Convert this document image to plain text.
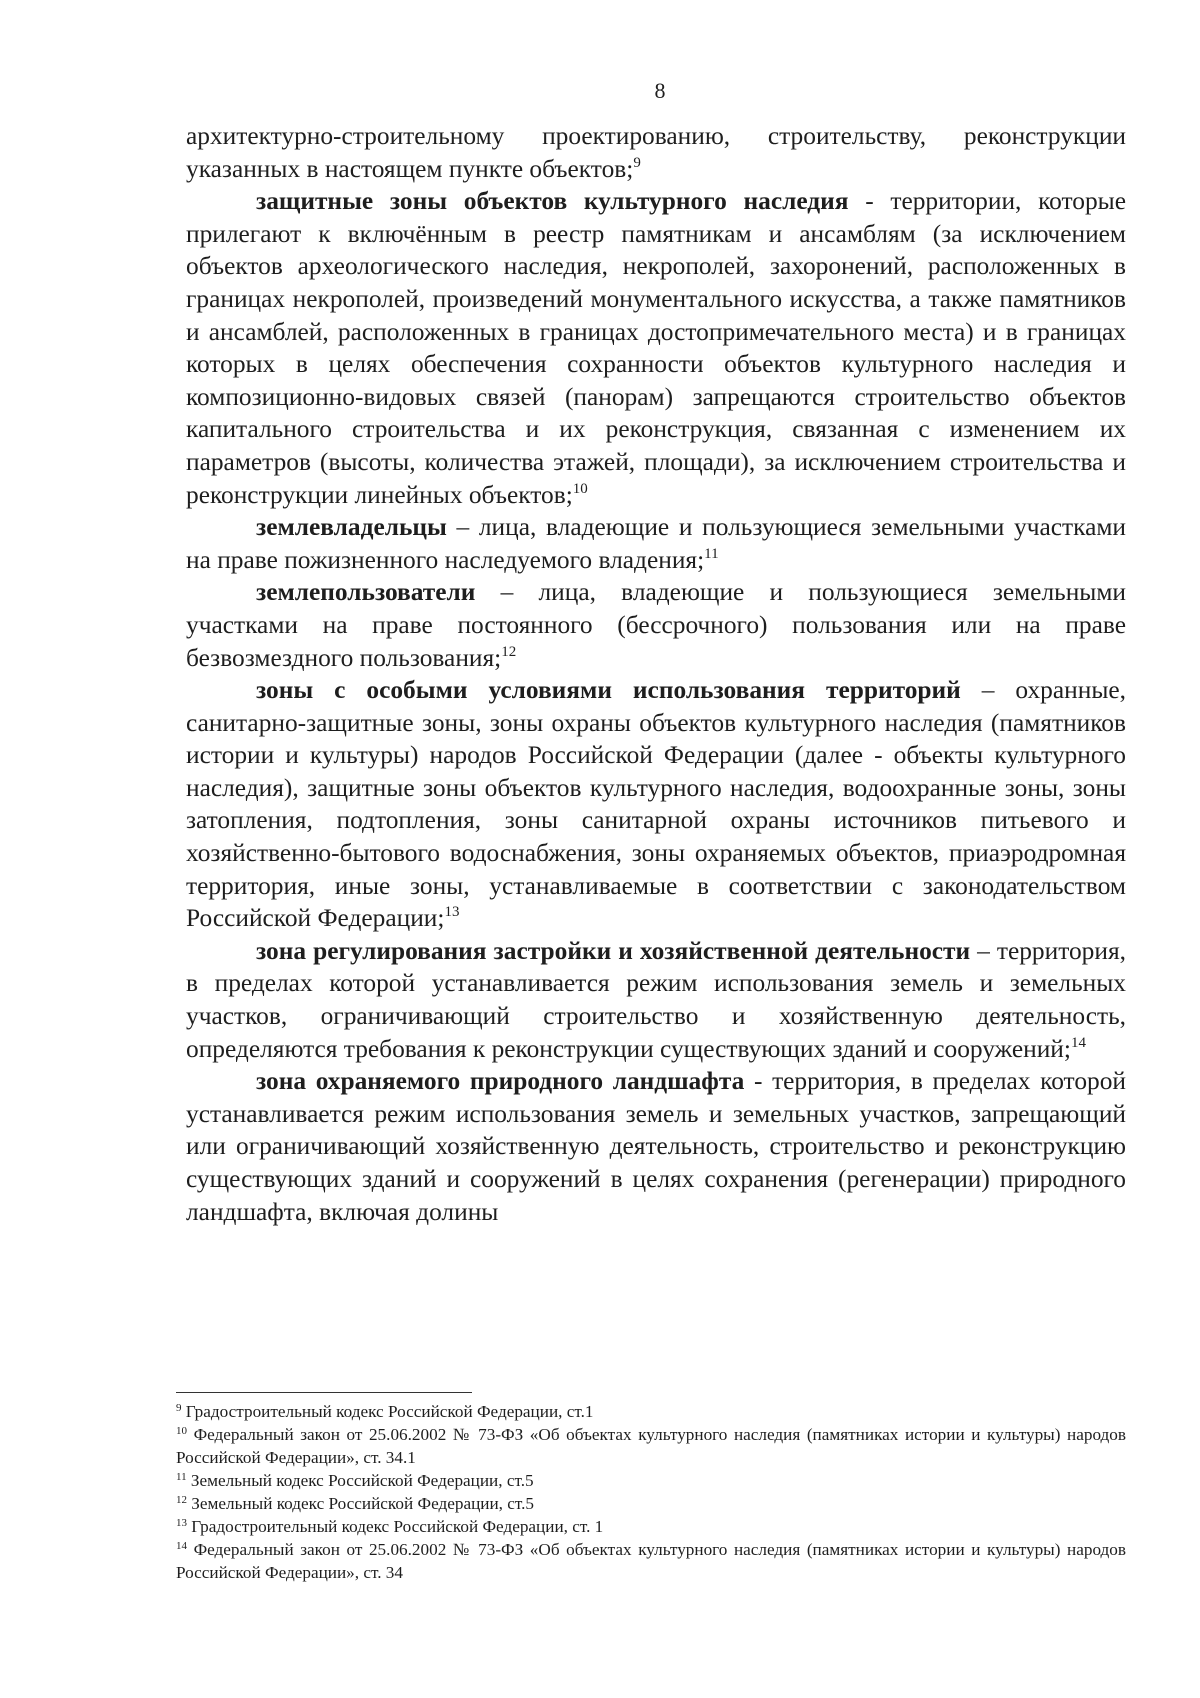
8

архитектурно-строительному проектированию, строительству, реконструкции указанных в настоящем пункте объектов;$^9$

защитные зоны объектов культурного наследия - территории, которые прилегают к включённым в реестр памятникам и ансамблям (за исключением объектов археологического наследия, некрополей, захоронений, расположенных в границах некрополей, произведений монументального искусства, а также памятников и ансамблей, расположенных в границах достопримечательного места) и в границах которых в целях обеспечения сохранности объектов культурного наследия и композиционно-видовых связей (панорам) запрещаются строительство объектов капитального строительства и их реконструкция, связанная с изменением их параметров (высоты, количества этажей, площади), за исключением строительства и реконструкции линейных объектов;$^{10}$

землевладельцы – лица, владеющие и пользующиеся земельными участками на праве пожизненного наследуемого владения;$^{11}$

землепользователи – лица, владеющие и пользующиеся земельными участками на праве постоянного (бессрочного) пользования или на праве безвозмездного пользования;$^{12}$

зоны с особыми условиями использования территорий – охранные, санитарно-защитные зоны, зоны охраны объектов культурного наследия (памятников истории и культуры) народов Российской Федерации (далее - объекты культурного наследия), защитные зоны объектов культурного наследия, водоохранные зоны, зоны затопления, подтопления, зоны санитарной охраны источников питьевого и хозяйственно-бытового водоснабжения, зоны охраняемых объектов, приаэродромная территория, иные зоны, устанавливаемые в соответствии с законодательством Российской Федерации;$^{13}$

зона регулирования застройки и хозяйственной деятельности – территория, в пределах которой устанавливается режим использования земель и земельных участков, ограничивающий строительство и хозяйственную деятельность, определяются требования к реконструкции существующих зданий и сооружений;$^{14}$

зона охраняемого природного ландшафта - территория, в пределах которой устанавливается режим использования земель и земельных участков, запрещающий или ограничивающий хозяйственную деятельность, строительство и реконструкцию существующих зданий и сооружений в целях сохранения (регенерации) природного ландшафта, включая долины

$^9$ Градостроительный кодекс Российской Федерации, ст.1

$^{10}$ Федеральный закон от 25.06.2002 № 73-ФЗ «Об объектах культурного наследия (памятниках истории и культуры) народов Российской Федерации», ст. 34.1

$^{11}$ Земельный кодекс Российской Федерации, ст.5

$^{12}$ Земельный кодекс Российской Федерации, ст.5

$^{13}$ Градостроительный кодекс Российской Федерации, ст. 1

$^{14}$ Федеральный закон от 25.06.2002 № 73-ФЗ «Об объектах культурного наследия (памятниках истории и культуры) народов Российской Федерации», ст. 34
